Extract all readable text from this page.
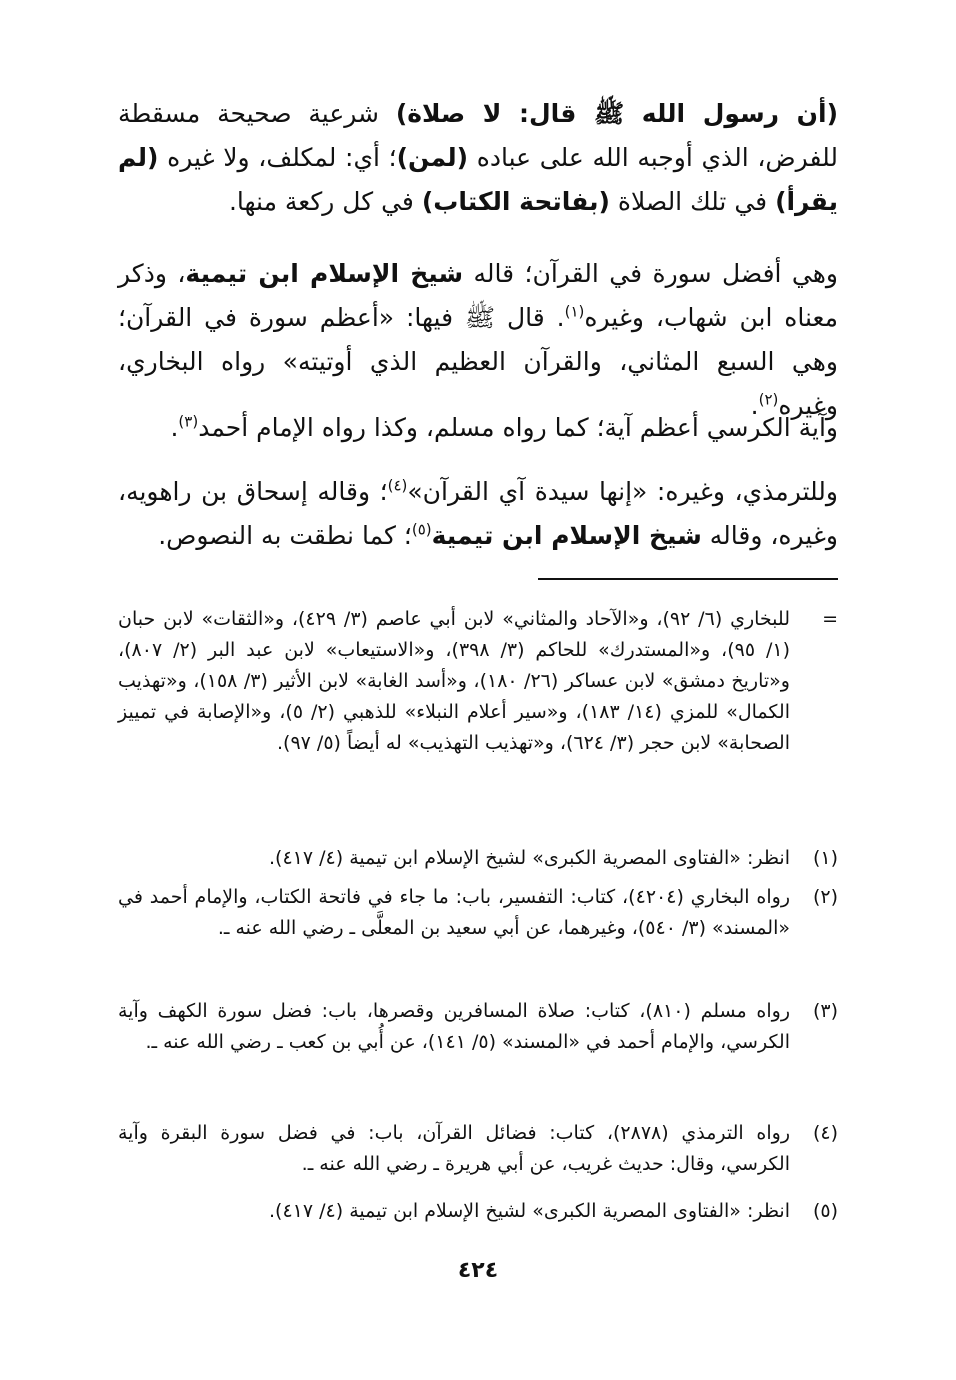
(أن رسول الله ﷺ قال: لا صلاة) شرعية صحيحة مسقطة للفرض، الذي أوجبه الله على عباده (لمن)؛ أي: لمكلف، ولا غيره (لم يقرأ) في تلك الصلاة (بفاتحة الكتاب) في كل ركعة منها.
وهي أفضل سورة في القرآن؛ قاله شيخ الإسلام ابن تيمية، وذكر معناه ابن شهاب، وغيره$^{(١)}$. قال ﷺ فيها: «أعظم سورة في القرآن؛ وهي السبع المثاني، والقرآن العظيم الذي أوتيته» رواه البخاري، وغيره$^{(٢)}$.
وآية الكرسي أعظم آية؛ كما رواه مسلم، وكذا رواه الإمام أحمد$^{(٣)}$.
وللترمذي، وغيره: «إنها سيدة آي القرآن»$^{(٤)}$؛ وقاله إسحاق بن راهويه، وغيره، وقاله شيخ الإسلام ابن تيمية$^{(٥)}$؛ كما نطقت به النصوص.
=
للبخاري (٦/ ٩٢)، و«الآحاد والمثاني» لابن أبي عاصم (٣/ ٤٢٩)، و«الثقات» لابن حبان (١/ ٩٥)، و«المستدرك» للحاكم (٣/ ٣٩٨)، و«الاستيعاب» لابن عبد البر (٢/ ٨٠٧)، و«تاريخ دمشق» لابن عساكر (٢٦/ ١٨٠)، و«أسد الغابة» لابن الأثير (٣/ ١٥٨)، و«تهذيب الكمال» للمزي (١٤/ ١٨٣)، و«سير أعلام النبلاء» للذهبي (٢/ ٥)، و«الإصابة في تمييز الصحابة» لابن حجر (٣/ ٦٢٤)، و«تهذيب التهذيب» له أيضاً (٥/ ٩٧).
(١)
انظر: «الفتاوى المصرية الكبرى» لشيخ الإسلام ابن تيمية (٤/ ٤١٧).
(٢)
رواه البخاري (٤٢٠٤)، كتاب: التفسير، باب: ما جاء في فاتحة الكتاب، والإمام أحمد في «المسند» (٣/ ٥٤٠)، وغيرهما، عن أبي سعيد بن المعلَّى ـ رضي الله عنه ـ.
(٣)
رواه مسلم (٨١٠)، كتاب: صلاة المسافرين وقصرها، باب: فضل سورة الكهف وآية الكرسي، والإمام أحمد في «المسند» (٥/ ١٤١)، عن أُبي بن كعب ـ رضي الله عنه ـ.
(٤)
رواه الترمذي (٢٨٧٨)، كتاب: فضائل القرآن، باب: في فضل سورة البقرة وآية الكرسي، وقال: حديث غريب، عن أبي هريرة ـ رضي الله عنه ـ.
(٥)
انظر: «الفتاوى المصرية الكبرى» لشيخ الإسلام ابن تيمية (٤/ ٤١٧).
٤٢٤
